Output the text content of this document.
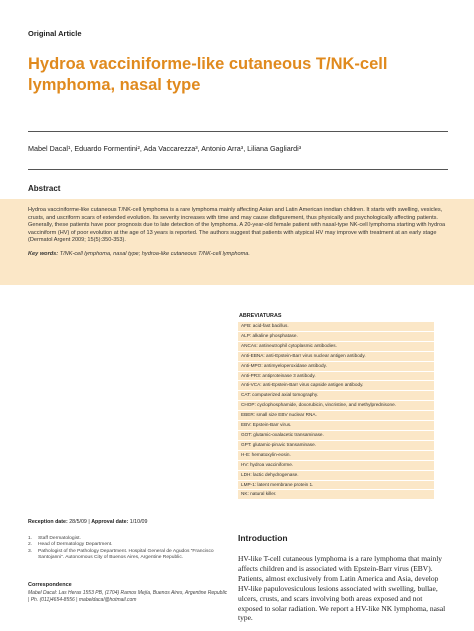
Original Article
Hydroa vacciniforme-like cutaneous T/NK-cell
lymphoma, nasal type
Mabel Dacal¹, Eduardo Formentini², Ada Vaccarezza³, Antonio Arra³, Liliana Gagliardi³
Abstract

Hydroa vacciniforme-like cutaneous T/NK-cell lymphoma is a rare lymphoma mainly affecting Asian and Latin American inndian children. It starts with swelling, vesicles, crusts, and uscriform scars of extended evolution. Its severity increases with time and may cause disfigurement, thus physically and psychologically affecting patients.

Generally, these patients have poor prognosis due to late detection of the lymphoma. A 20-year-old female patient with nasal-type NK-cell lymphoma starting with hydroa vacciniform (HV) of poor evolution at the age of 13 years is reported. The authors suggest that patients with atypical HV may improve with treatment at an early stage (Dermatol Argent 2009; 15(5):350-353).

Key words: T/NK-cell lymphoma, nasal type; hydroa-like cutaneous T/NK-cell lymphoma.

ABREVIATURAS
AFB: acid-fast bacillus.
ALP: alkaline phosphatase.
ANCAs: antineutrophil cytoplasmic antibodies.
Anti-EBNA: anti-Epstein-Barr virus nuclear antigen antibody.
Anti-MPO: antimyeloperoxidase antibody.
Anti-PR3: antiproteinase 3 antibody.
Anti-VCA: anti-Epstein-Barr virus capside antigen antibody.
CAT: computerized axial tomography.
CHOP: cyclophosphamide, doxorubicin, vincristine, and methylprednisone.
EBER: small size EBV nuclear RNA.
EBV: Epstein-Barr virus.
GOT: glutamic-oxalacetic transaminase.
GPT: glutamic-piruvic transaminase.
H-E: hematoxylin-eosin.
HV: hydroa vacciniforme.
LDH: lactic dehydrogenase.
LMP-1: latent membrane protein 1.
NK: natural killer.
Reception date: 28/5/09 | Approval date: 1/10/09
1. Staff Dermatologist.
2. Head of Dermatology Department.
3. Pathologist of the Pathology Department. Hospital General de Agudos “Francisco Santojanni”. Autonomous City of Buenos Aires, Argentine Republic.
Correspondence
Mabel Dacal: Las Heras 1553 PB, (1704) Ramos Mejía, Buenos Aires, Argentine Republic | Ph. (011)4654-8556 | mabeldacal@hotmail.com
Introduction

HV-like T-cell cutaneous lymphoma is a rare lymphoma that mainly affects children and is associated with Epstein-Barr virus (EBV). Patients, almost exclusively from Latin America and Asia, develop HV-like papulovesiculous lesions associated with swelling, bullae, ulcers, crusts, and scars involving both areas exposed and not exposed to solar radiation. We report a HV-like NK lymphoma, nasal type.
